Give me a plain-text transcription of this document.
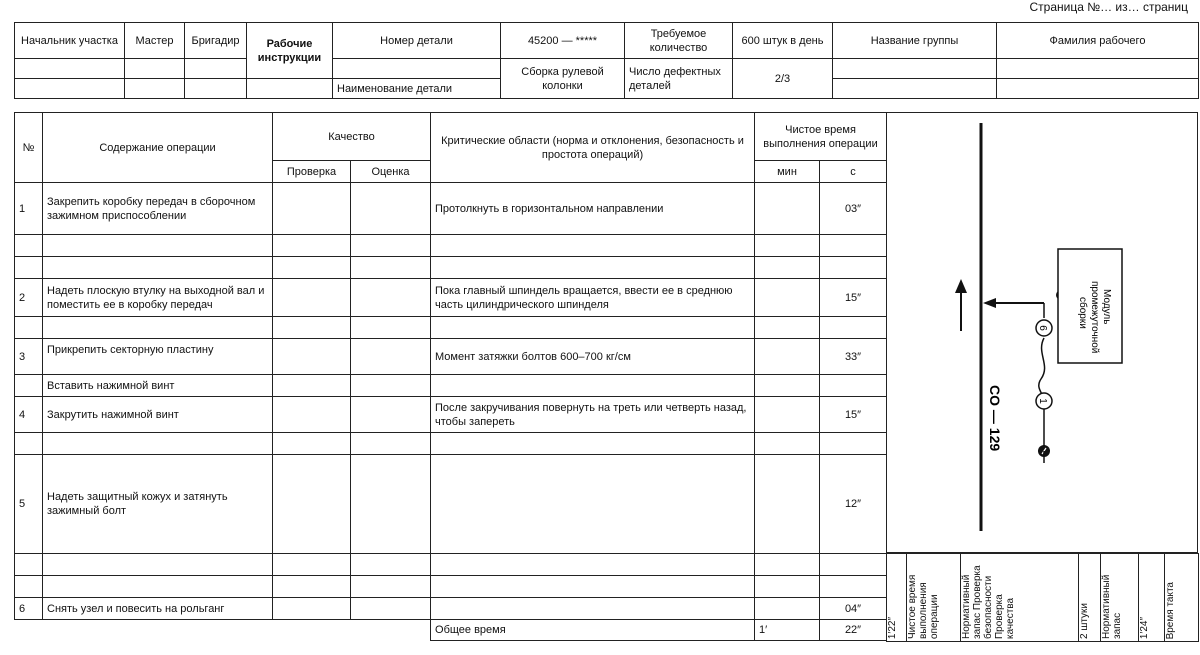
Страница №… из… страниц
Начальник участка	Мастер	Бригадир	Рабочие инструкции	Номер детали	45200 — *****	Требуемое количество	600 штук в день	Название группы	Фамилия рабочего
					Сборка рулевой колонки	Число дефектных деталей	2/3		
				Наименование детали					
№	Содержание операции	Качество		Критические области (норма и отклонения, безопасность и простота операций)	Чистое время выполнения операции	
		Проверка	Оценка		мин	с
1	Закрепить коробку передач в сборочном зажимном приспособлении			Протолкнуть в горизонтальном направлении		03″

2	Надеть плоскую втулку на выходной вал и поместить ее в коробку передач			Пока главный шпиндель вращается, ввести ее в среднюю часть цилиндрического шпинделя		15″

3	Прикрепить секторную пластину			Момент затяжки болтов 600–700 кг/см		33″
	Вставить нажимной винт					
4	Закрутить нажимной винт			После закручивания повернуть на треть или четверть назад, чтобы запереть		15″

5	Надеть защитный кожух и затянуть зажимный болт					12″

6	Снять узел и повесить на рольганг					04″
				Общее время	1′	22″
6
1
Модуль
промежуточной
сборки
CO — 129
1′22″	Чистое время выполнения операции	Нормативный запас Проверка безопасности Проверка качества	2 штуки	Нормативный запас	1′24″	Время такта
